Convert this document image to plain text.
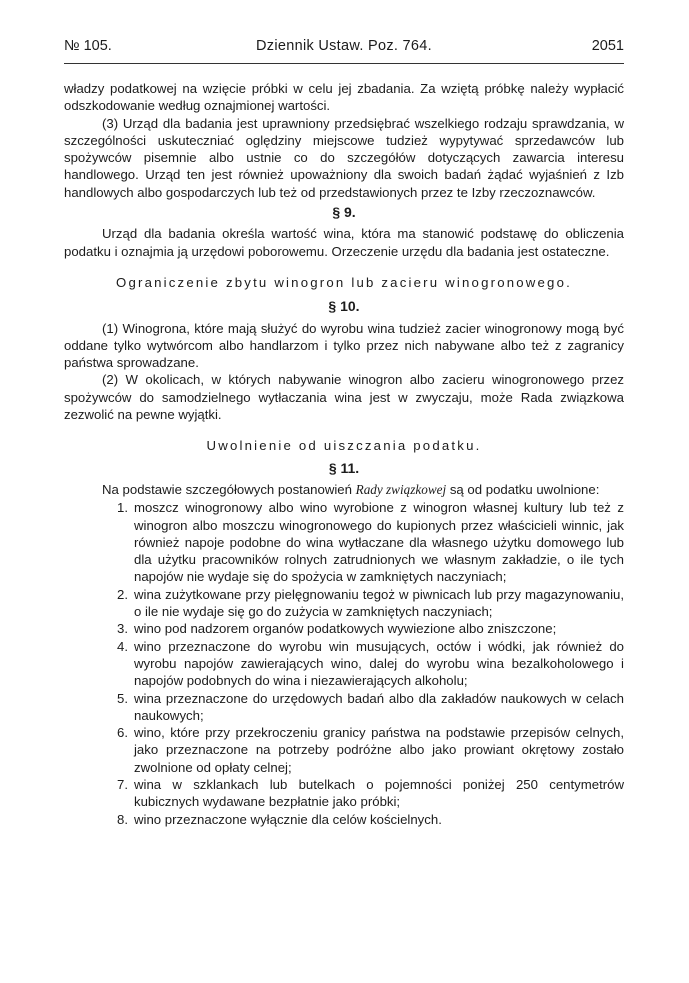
№ 105.	Dziennik Ustaw. Poz. 764.	2051

władzy podatkowej na wzięcie próbki w celu jej zbadania. Za wziętą próbkę należy wypłacić odszkodowanie według oznajmionej wartości.

(3) Urząd dla badania jest uprawniony przedsiębrać wszelkiego rodzaju sprawdzania, w szczególności uskuteczniać oględziny miejscowe tudzież wypytywać sprzedawców lub spożywców pisemnie albo ustnie co do szczegółów dotyczących zawarcia interesu handlowego. Urząd ten jest również upoważniony dla swoich badań żądać wyjaśnień z Izb handlowych albo gospodarczych lub też od przedstawionych przez te Izby rzeczoznawców.

§ 9.

Urząd dla badania określa wartość wina, która ma stanowić podstawę do obliczenia podatku i oznajmia ją urzędowi poborowemu. Orzeczenie urzędu dla badania jest ostateczne.

Ograniczenie zbytu winogron lub zacieru winogronowego.

§ 10.

(1) Winogrona, które mają służyć do wyrobu wina tudzież zacier winogronowy mogą być oddane tylko wytwórcom albo handlarzom i tylko przez nich nabywane albo też z zagranicy państwa sprowadzane.

(2) W okolicach, w których nabywanie winogron albo zacieru winogronowego przez spożywców do samodzielnego wytłaczania wina jest w zwyczaju, może Rada związkowa zezwolić na pewne wyjątki.

Uwolnienie od uiszczania podatku.

§ 11.

Na podstawie szczegółowych postanowień Rady związkowej są od podatku uwolnione:

1. moszcz winogronowy albo wino wyrobione z winogron własnej kultury lub też z winogron albo moszczu winogronowego do kupionych przez właścicieli winnic, jak również napoje podobne do wina wytłaczane dla własnego użytku domowego lub dla użytku pracowników rolnych zatrudnionych we własnym zakładzie, o ile tych napojów nie wydaje się do spożycia w zamkniętych naczyniach;
2. wina zużytkowane przy pielęgnowaniu tegoż w piwnicach lub przy magazynowaniu, o ile nie wydaje się go do zużycia w zamkniętych naczyniach;
3. wino pod nadzorem organów podatkowych wywiezione albo zniszczone;
4. wino przeznaczone do wyrobu win musujących, octów i wódki, jak również do wyrobu napojów zawierających wino, dalej do wyrobu wina bezalkoholowego i napojów podobnych do wina i niezawierających alkoholu;
5. wina przeznaczone do urzędowych badań albo dla zakładów naukowych w celach naukowych;
6. wino, które przy przekroczeniu granicy państwa na podstawie przepisów celnych, jako przeznaczone na potrzeby podróżne albo jako prowiant okrętowy zostało zwolnione od opłaty celnej;
7. wina w szklankach lub butelkach o pojemności poniżej 250 centymetrów kubicznych wydawane bezpłatnie jako próbki;
8. wino przeznaczone wyłącznie dla celów kościelnych.
